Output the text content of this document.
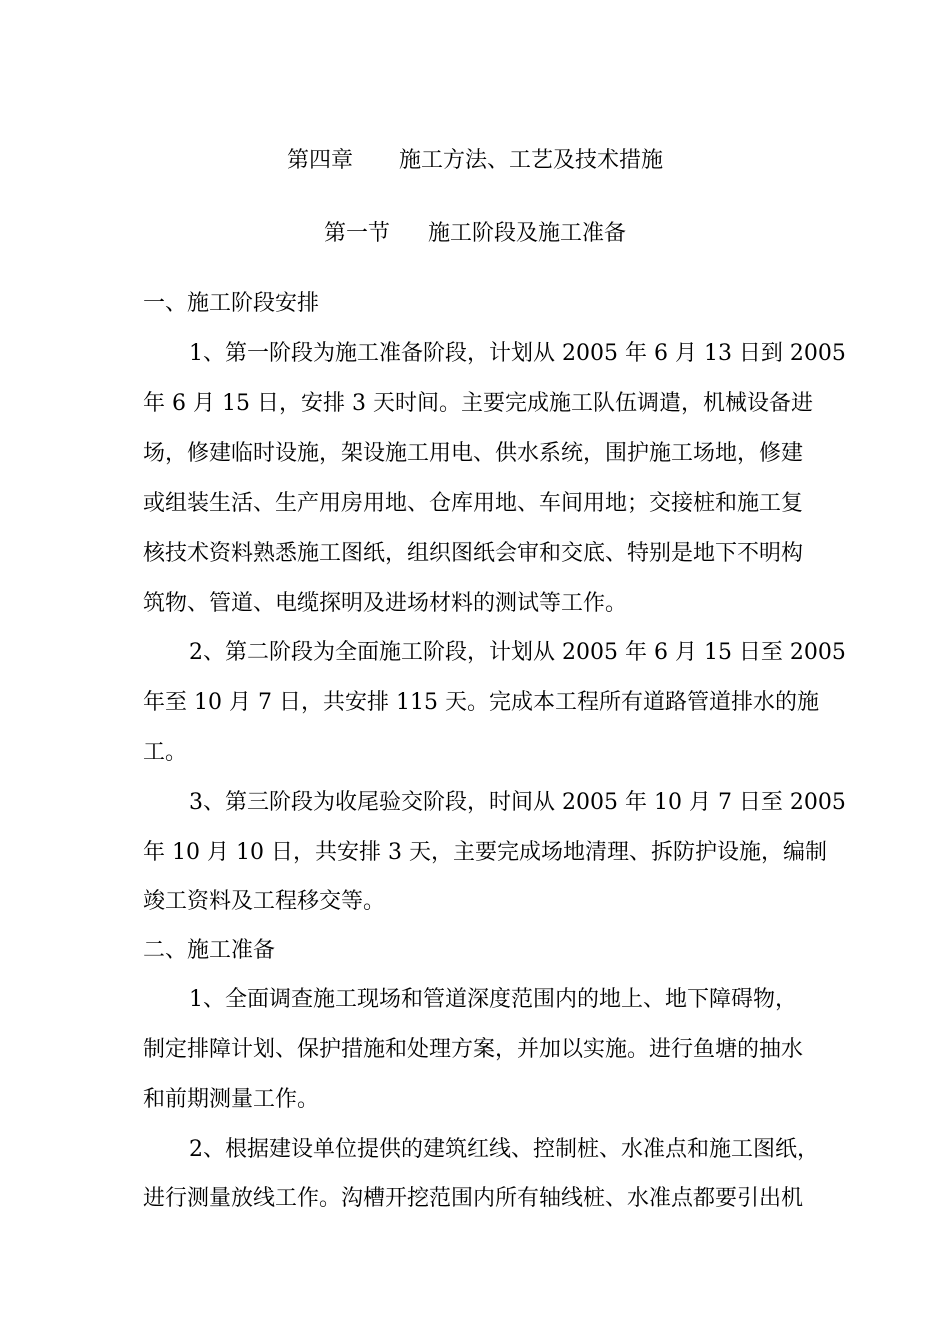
第四章 施工方法、工艺及技术措施
第一节 施工阶段及施工准备
一、施工阶段安排
1、第一阶段为施工准备阶段，计划从 2005 年 6 月 13 日到 2005
年 6 月 15 日，安排 3 天时间。主要完成施工队伍调遣，机械设备进
场，修建临时设施，架设施工用电、供水系统，围护施工场地，修建
或组装生活、生产用房用地、仓库用地、车间用地；交接桩和施工复
核技术资料熟悉施工图纸，组织图纸会审和交底、特别是地下不明构
筑物、管道、电缆探明及进场材料的测试等工作。
2、第二阶段为全面施工阶段，计划从 2005 年 6 月 15 日至 2005
年至 10 月 7 日，共安排 115 天。完成本工程所有道路管道排水的施
工。
3、第三阶段为收尾验交阶段，时间从 2005 年 10 月 7 日至 2005
年 10 月 10 日，共安排 3 天，主要完成场地清理、拆防护设施，编制
竣工资料及工程移交等。
二、施工准备
1、全面调查施工现场和管道深度范围内的地上、地下障碍物，
制定排障计划、保护措施和处理方案，并加以实施。进行鱼塘的抽水
和前期测量工作。
2、根据建设单位提供的建筑红线、控制桩、水准点和施工图纸，
进行测量放线工作。沟槽开挖范围内所有轴线桩、水准点都要引出机
